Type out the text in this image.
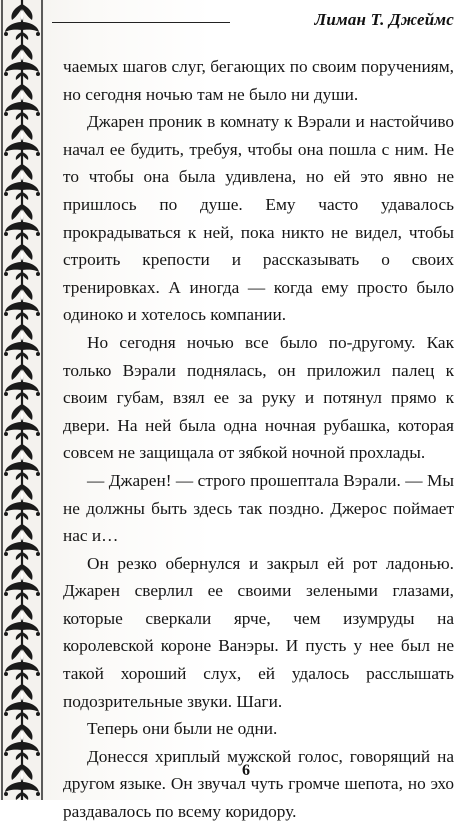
Лиман Т. Джеймс

чаемых шагов слуг, бегающих по своим поручениям, но сегодня ночью там не было ни души.

Джарен проник в комнату к Вэрали и настойчиво начал ее будить, требуя, чтобы она пошла с ним. Не то чтобы она была удивлена, но ей это явно не пришлось по душе. Ему часто удавалось прокрадываться к ней, пока никто не видел, чтобы строить крепости и рассказывать о своих тренировках. А иногда — когда ему просто было одиноко и хотелось компании.

Но сегодня ночью все было по-другому. Как только Вэрали поднялась, он приложил палец к своим губам, взял ее за руку и потянул прямо к двери. На ней была одна ночная рубашка, которая совсем не защищала от зябкой ночной прохлады.

— Джарен! — строго прошептала Вэрали. — Мы не должны быть здесь так поздно. Джерос поймает нас и…

Он резко обернулся и закрыл ей рот ладонью. Джарен сверлил ее своими зелеными глазами, которые сверкали ярче, чем изумруды на королевской короне Ванэры. И пусть у нее был не такой хороший слух, ей удалось расслышать подозрительные звуки. Шаги.

Теперь они были не одни.

Донесся хриплый мужской голос, говорящий на другом языке. Он звучал чуть громче шепота, но эхо раздавалось по всему коридору.

6
